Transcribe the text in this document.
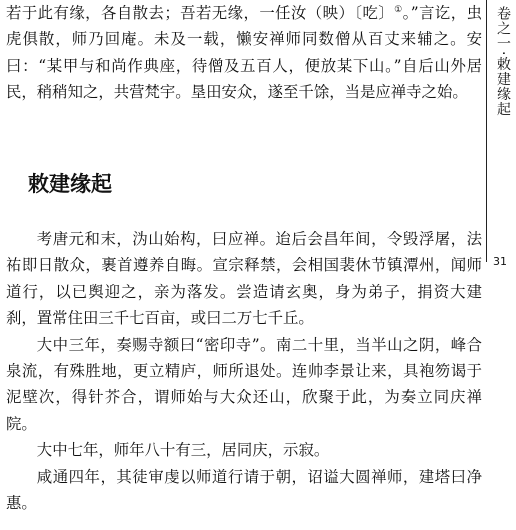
若于此有缘，各自散去；吾若无缘，一任汝（映）〔吃〕①。”言讫，虫虎俱散，师乃回庵。未及一载，懒安禅师同数僧从百丈来辅之。安曰：“某甲与和尚作典座，待僧及五百人，便放某下山。”自后山外居民，稍稍知之，共营梵宇。垦田安众，遂至千馀，当是应禅寺之始。

敕建缘起

考唐元和末，沩山始构，曰应禅。迨后会昌年间，令毁浮屠，法祐即日散众，裹首遵养自晦。宣宗释禁，会相国裴休节镇潭州，闻师道行，以已舆迎之，亲为落发。尝造请玄奥，身为弟子，捐资大建刹，置常住田三千七百亩，或曰二万七千丘。

大中三年，奏赐寺额曰“密印寺”。南二十里，当半山之阴，峰合泉流，有殊胜地，更立精庐，师所退处。连帅李景让来，具袍笏谒于泥壁次，得针芥合，谓师始与大众还山，欣聚于此，为奏立同庆禅院。

大中七年，师年八十有三，居同庆，示寂。

咸通四年，其徒审虔以师道行请于朝，诏谥大圆禅师，建塔曰净惠。

卷之一·敕建缘起
31
